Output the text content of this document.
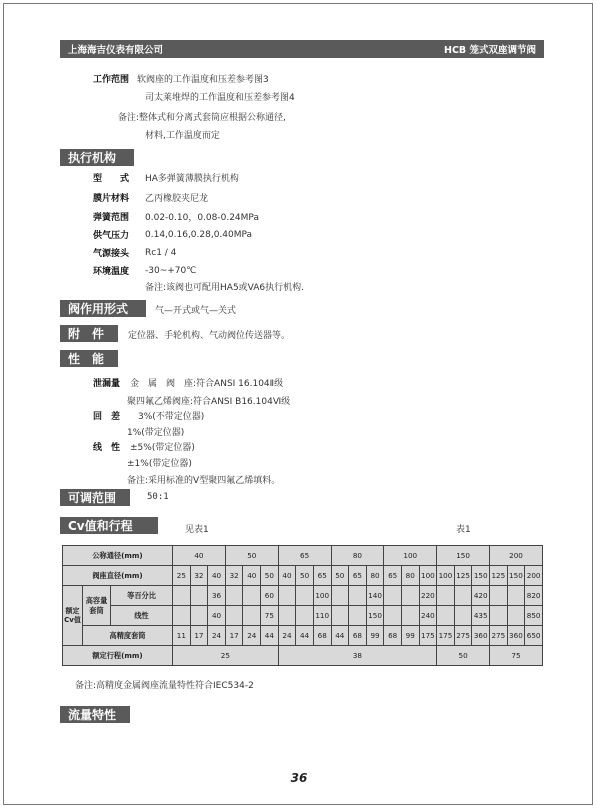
上海海吉仪表有限公司	HCB 笼式双座调节阀
工作范围 软阀座的工作温度和压差参考图3
司太莱堆焊的工作温度和压差参考图4
备注: 整体式和分离式套筒应根据公称通径,
材料,工作温度而定
执行机构
型　　式	HA多弹簧薄膜执行机构
膜片材料	乙丙橡胶夹尼龙
弹簧范围	0.02-0.10，0.08-0.24MPa
供气压力	0.14,0.16,0.28,0.40MPa
气源接头	Rc1 / 4
环境温度	-30~+70℃
备注:该阀也可配用HA5或VA6执行机构.
阀作用形式	气—开式或气—关式
附　件	定位器、手轮机构、气动阀位传送器等。
性　能
泄漏量 金　属　阀　座:符合ANSI 16.104Ⅱ级
聚四氟乙烯阀座:符合ANSI B16.104Ⅵ级
回　差 3%(不带定位器)
1%(带定位器)
线　性 ±5%(带定位器)
±1%(带定位器)
备注:采用标准的V型聚四氟乙烯填料。
可调范围	50:1
Cv值和行程	见表1	表1
公称通径(mm)			40			50			65			80			100			150			200		
阀座直径(mm)			25	32	40	32	40	50	40	50	65	50	65	80	65	80	100	100	125	150	125	150	200
额定Cv值	高容量套筒	等百分比			36			60			100			140			220			420			820
		线性			40			75			110			150			240			435			850
	高精度套筒		11	17	24	17	24	44	24	44	68	44	68	99	68	99	175	175	275	360	275	360	650
额定行程(mm)			25						38									50			75		
备注:高精度金属阀座流量特性符合IEC534-2
流量特性
36
